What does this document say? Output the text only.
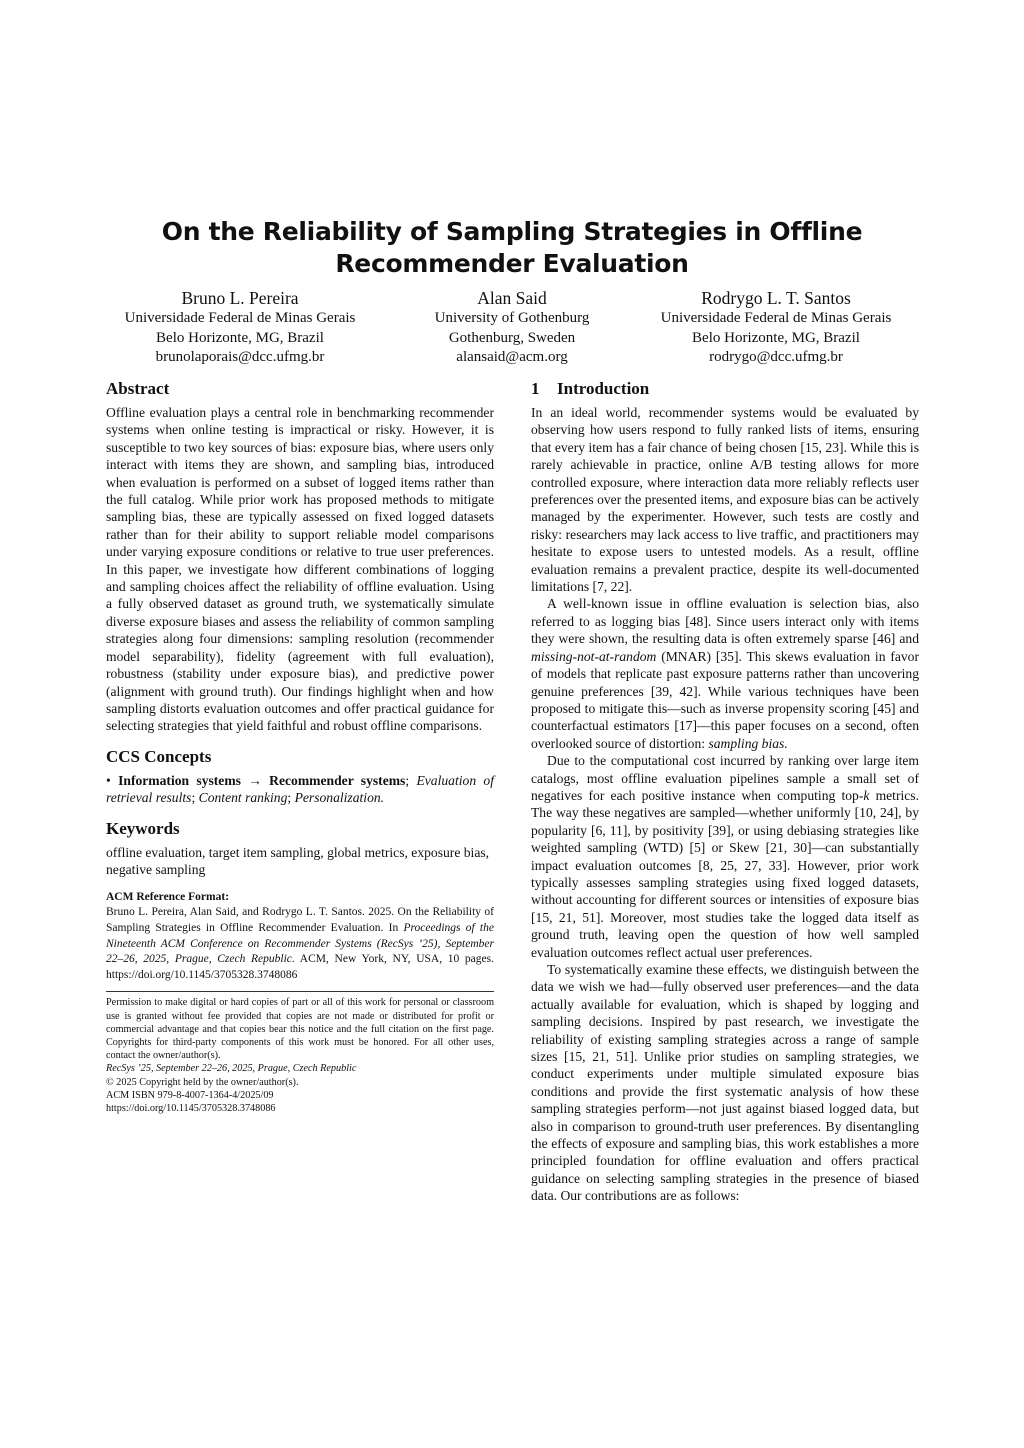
On the Reliability of Sampling Strategies in Offline
Recommender Evaluation
Bruno L. Pereira
Universidade Federal de Minas Gerais
Belo Horizonte, MG, Brazil
brunolaporais@dcc.ufmg.br
Alan Said
University of Gothenburg
Gothenburg, Sweden
alansaid@acm.org
Rodrygo L. T. Santos
Universidade Federal de Minas Gerais
Belo Horizonte, MG, Brazil
rodrygo@dcc.ufmg.br
Abstract

Offline evaluation plays a central role in benchmarking recommender systems when online testing is impractical or risky. However, it is susceptible to two key sources of bias: exposure bias, where users only interact with items they are shown, and sampling bias, introduced when evaluation is performed on a subset of logged items rather than the full catalog. While prior work has proposed methods to mitigate sampling bias, these are typically assessed on fixed logged datasets rather than for their ability to support reliable model comparisons under varying exposure conditions or relative to true user preferences. In this paper, we investigate how different combinations of logging and sampling choices affect the reliability of offline evaluation. Using a fully observed dataset as ground truth, we systematically simulate diverse exposure biases and assess the reliability of common sampling strategies along four dimensions: sampling resolution (recommender model separability), fidelity (agreement with full evaluation), robustness (stability under exposure bias), and predictive power (alignment with ground truth). Our findings highlight when and how sampling distorts evaluation outcomes and offer practical guidance for selecting strategies that yield faithful and robust offline comparisons.

CCS Concepts

• Information systems → Recommender systems; Evaluation of retrieval results; Content ranking; Personalization.

Keywords

offline evaluation, target item sampling, global metrics, exposure bias, negative sampling

ACM Reference Format:
Bruno L. Pereira, Alan Said, and Rodrygo L. T. Santos. 2025. On the Reliability of Sampling Strategies in Offline Recommender Evaluation. In Proceedings of the Nineteenth ACM Conference on Recommender Systems (RecSys ’25), September 22–26, 2025, Prague, Czech Republic. ACM, New York, NY, USA, 10 pages. https://doi.org/10.1145/3705328.3748086

Permission to make digital or hard copies of part or all of this work for personal or classroom use is granted without fee provided that copies are not made or distributed for profit or commercial advantage and that copies bear this notice and the full citation on the first page. Copyrights for third-party components of this work must be honored. For all other uses, contact the owner/author(s).

RecSys ’25, September 22–26, 2025, Prague, Czech Republic
© 2025 Copyright held by the owner/author(s).
ACM ISBN 979-8-4007-1364-4/2025/09
https://doi.org/10.1145/3705328.3748086
1 Introduction

In an ideal world, recommender systems would be evaluated by observing how users respond to fully ranked lists of items, ensuring that every item has a fair chance of being chosen [15, 23]. While this is rarely achievable in practice, online A/B testing allows for more controlled exposure, where interaction data more reliably reflects user preferences over the presented items, and exposure bias can be actively managed by the experimenter. However, such tests are costly and risky: researchers may lack access to live traffic, and practitioners may hesitate to expose users to untested models. As a result, offline evaluation remains a prevalent practice, despite its well-documented limitations [7, 22].

A well-known issue in offline evaluation is selection bias, also referred to as logging bias [48]. Since users interact only with items they were shown, the resulting data is often extremely sparse [46] and missing-not-at-random (MNAR) [35]. This skews evaluation in favor of models that replicate past exposure patterns rather than uncovering genuine preferences [39, 42]. While various techniques have been proposed to mitigate this—such as inverse propensity scoring [45] and counterfactual estimators [17]—this paper focuses on a second, often overlooked source of distortion: sampling bias.

Due to the computational cost incurred by ranking over large item catalogs, most offline evaluation pipelines sample a small set of negatives for each positive instance when computing top-k metrics. The way these negatives are sampled—whether uniformly [10, 24], by popularity [6, 11], by positivity [39], or using debiasing strategies like weighted sampling (WTD) [5] or Skew [21, 30]—can substantially impact evaluation outcomes [8, 25, 27, 33]. However, prior work typically assesses sampling strategies using fixed logged datasets, without accounting for different sources or intensities of exposure bias [15, 21, 51]. Moreover, most studies take the logged data itself as ground truth, leaving open the question of how well sampled evaluation outcomes reflect actual user preferences.

To systematically examine these effects, we distinguish between the data we wish we had—fully observed user preferences—and the data actually available for evaluation, which is shaped by logging and sampling decisions. Inspired by past research, we investigate the reliability of existing sampling strategies across a range of sample sizes [15, 21, 51]. Unlike prior studies on sampling strategies, we conduct experiments under multiple simulated exposure bias conditions and provide the first systematic analysis of how these sampling strategies perform—not just against biased logged data, but also in comparison to ground-truth user preferences. By disentangling the effects of exposure and sampling bias, this work establishes a more principled foundation for offline evaluation and offers practical guidance on selecting sampling strategies in the presence of biased data. Our contributions are as follows:
